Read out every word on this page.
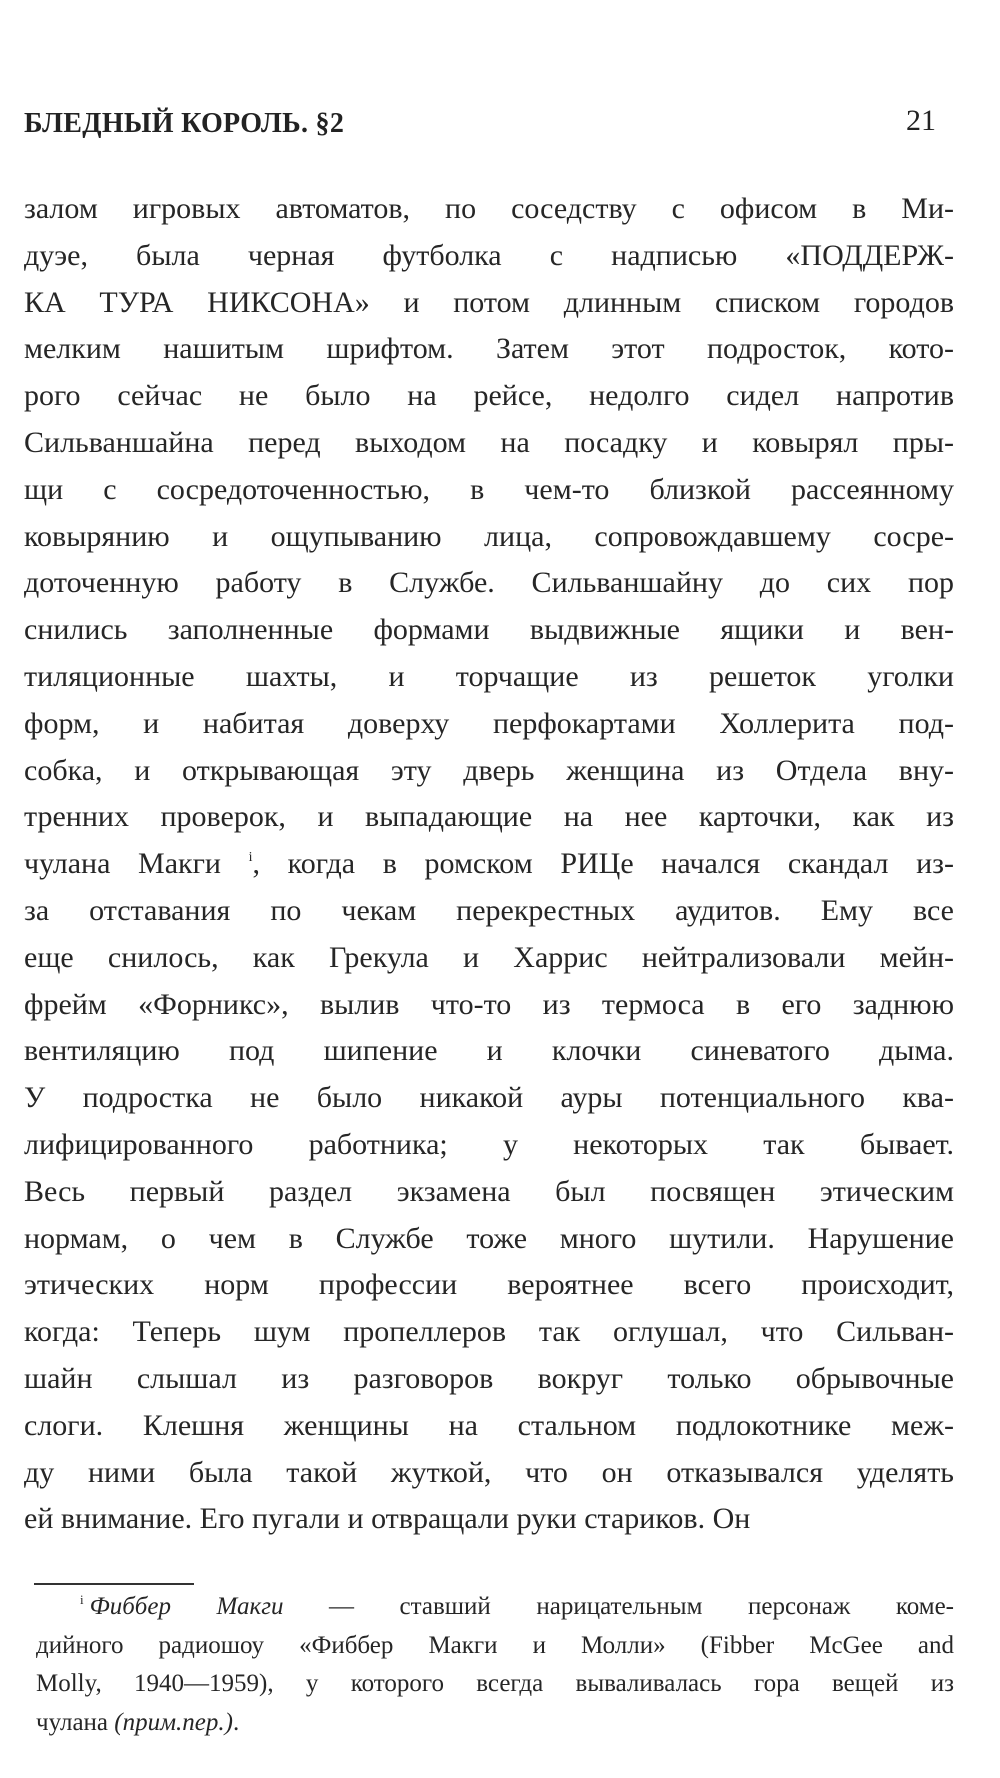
БЛЕДНЫЙ КОРОЛЬ. §2	21
залом игровых автоматов, по соседству с офисом в Ми-
дуэе, была черная футболка с надписью «ПОДДЕРЖ-
КА ТУРА НИКСОНА» и потом длинным списком городов
мелким нашитым шрифтом. Затем этот подросток, кото-
рого сейчас не было на рейсе, недолго сидел напротив
Сильваншайна перед выходом на посадку и ковырял пры-
щи с сосредоточенностью, в чем-то близкой рассеянному
ковырянию и ощупыванию лица, сопровождавшему сосре-
доточенную работу в Службе. Сильваншайну до сих пор
снились заполненные формами выдвижные ящики и вен-
тиляционные шахты, и торчащие из решеток уголки
форм, и набитая доверху перфокартами Холлерита под-
собка, и открывающая эту дверь женщина из Отдела вну-
тренних проверок, и выпадающие на нее карточки, как из
чулана Макги $^i$, когда в ромском РИЦе начался скандал из-
за отставания по чекам перекрестных аудитов. Ему все
еще снилось, как Грекула и Харрис нейтрализовали мейн-
фрейм «Форникс», вылив что-то из термоса в его заднюю
вентиляцию под шипение и клочки синеватого дыма.
У подростка не было никакой ауры потенциального ква-
лифицированного работника; у некоторых так бывает.
Весь первый раздел экзамена был посвящен этическим
нормам, о чем в Службе тоже много шутили. Нарушение
этических норм профессии вероятнее всего происходит,
когда: Теперь шум пропеллеров так оглушал, что Сильван-
шайн слышал из разговоров вокруг только обрывочные
слоги. Клешня женщины на стальном подлокотнике меж-
ду ними была такой жуткой, что он отказывался уделять
ей внимание. Его пугали и отвращали руки стариков. Он
$^i$ Фиббер Макги — ставший нарицательным персонаж коме-
дийного радиошоу «Фиббер Макги и Молли» (Fibber McGee and
Molly, 1940—1959), у которого всегда вываливалась гора вещей из
чулана (прим.пер.).
